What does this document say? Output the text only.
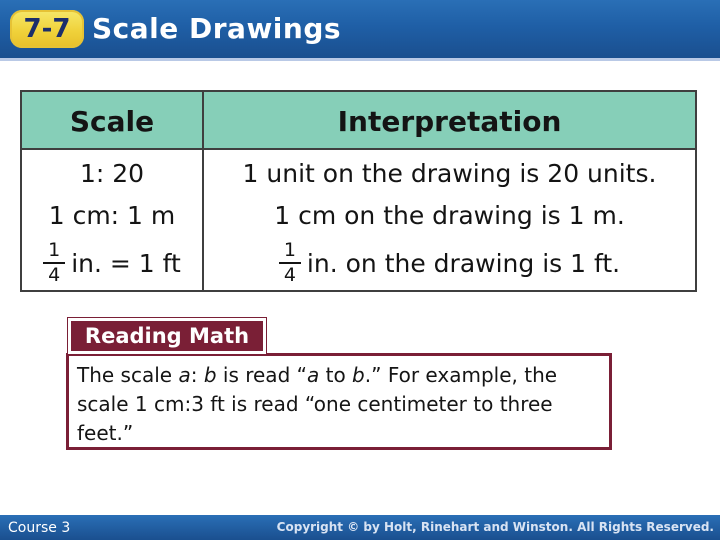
7-7 Scale Drawings
Scale	Interpretation
1: 20	1 unit on the drawing is 20 units.
1 cm: 1 m	1 cm on the drawing is 1 m.
$\frac{1}{4}$ in. = 1 ft	$\frac{1}{4}$ in. on the drawing is 1 ft.

The scale a: b is read “a to b.” For example, the scale 1 cm:3 ft is read “one centimeter to three feet.”

Reading Math
Course 3	Copyright © by Holt, Rinehart and Winston. All Rights Reserved.
